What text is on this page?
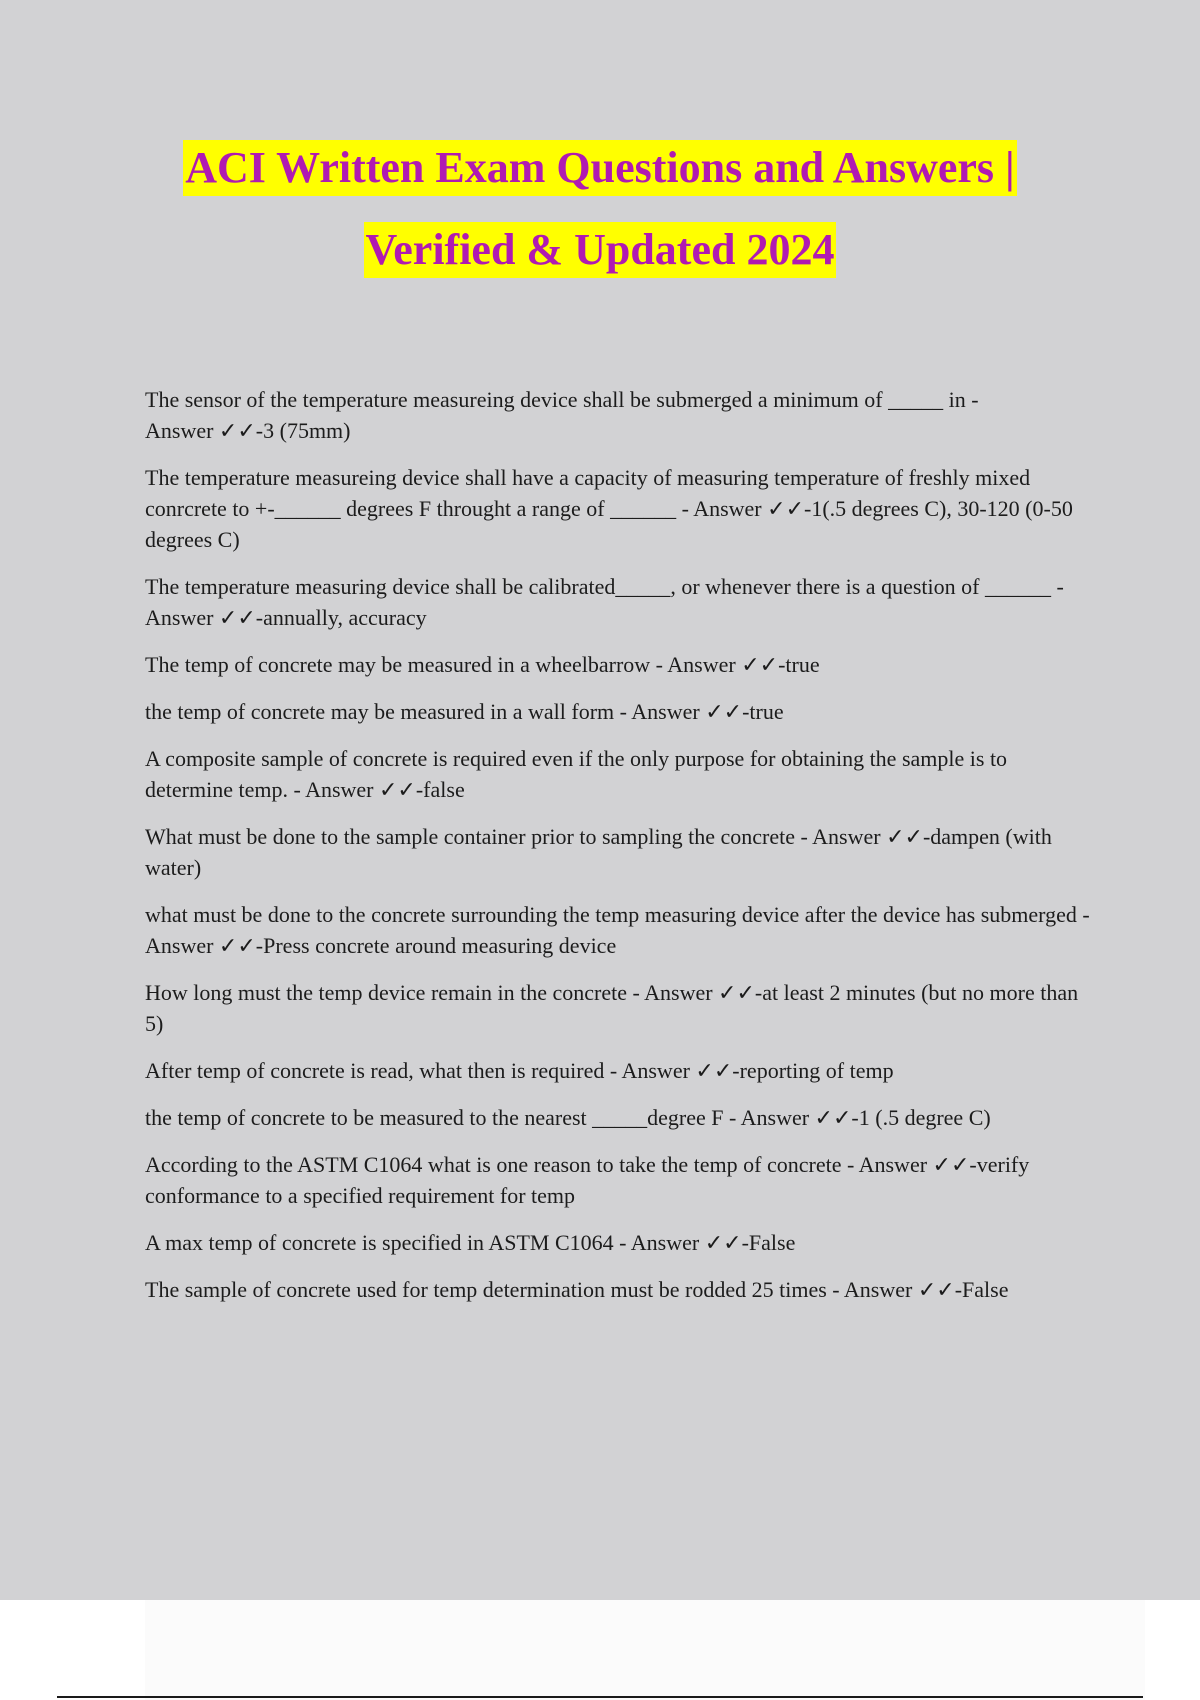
ACI Written Exam Questions and Answers |
Verified & Updated 2024

The sensor of the temperature measureing device shall be submerged a minimum of _____ in - Answer ✓✓-3 (75mm)

The temperature measureing device shall have a capacity of measuring temperature of freshly mixed conrcrete to +-______ degrees F throught a range of ______ - Answer ✓✓-1(.5 degrees C), 30-120 (0-50 degrees C)

The temperature measuring device shall be calibrated_____, or whenever there is a question of ______ - Answer ✓✓-annually, accuracy

The temp of concrete may be measured in a wheelbarrow - Answer ✓✓-true

the temp of concrete may be measured in a wall form - Answer ✓✓-true

A composite sample of concrete is required even if the only purpose for obtaining the sample is to determine temp. - Answer ✓✓-false

What must be done to the sample container prior to sampling the concrete - Answer ✓✓-dampen (with water)

what must be done to the concrete surrounding the temp measuring device after the device has submerged - Answer ✓✓-Press concrete around measuring device

How long must the temp device remain in the concrete - Answer ✓✓-at least 2 minutes (but no more than 5)

After temp of concrete is read, what then is required - Answer ✓✓-reporting of temp

the temp of concrete to be measured to the nearest _____degree F - Answer ✓✓-1 (.5 degree C)

According to the ASTM C1064 what is one reason to take the temp of concrete - Answer ✓✓-verify conformance to a specified requirement for temp

A max temp of concrete is specified in ASTM C1064 - Answer ✓✓-False

The sample of concrete used for temp determination must be rodded 25 times - Answer ✓✓-False
